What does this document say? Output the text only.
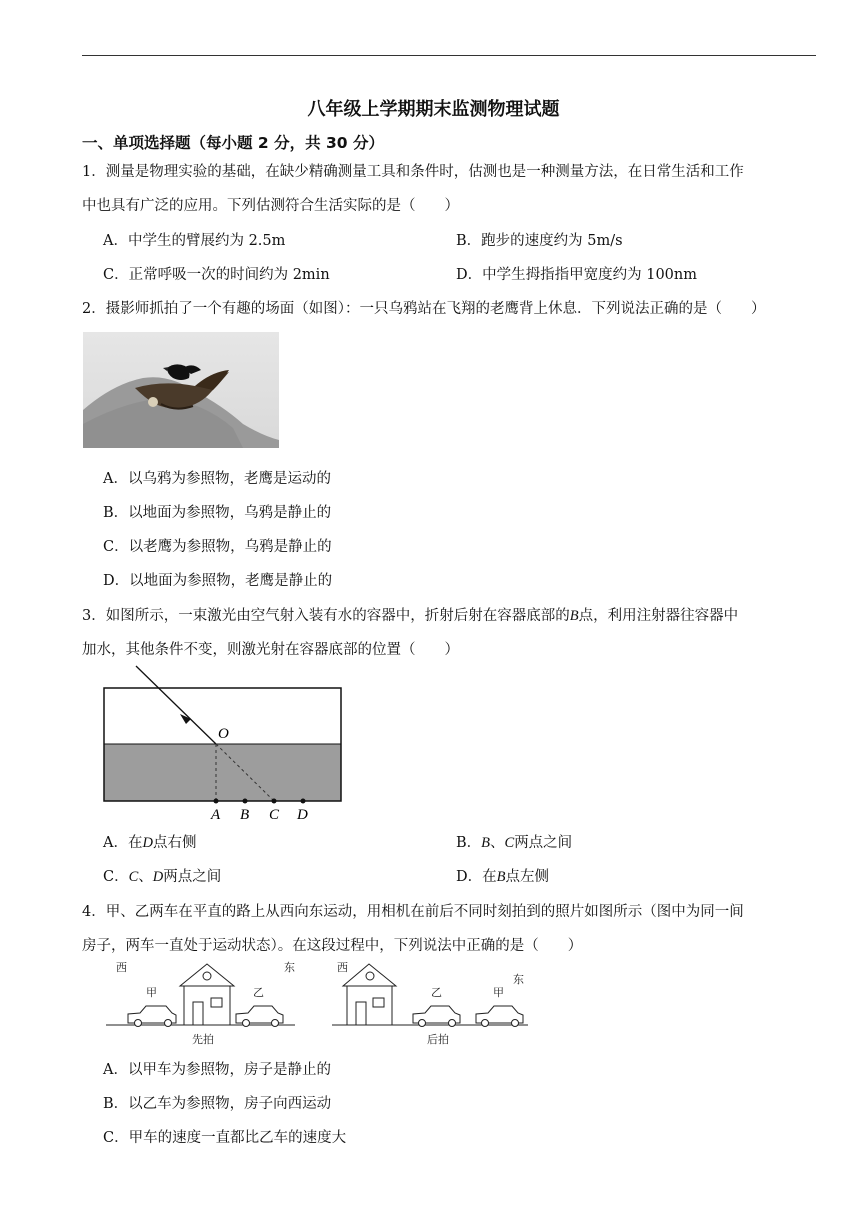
八年级上学期期末监测物理试题
一、单项选择题（每小题 2 分，共 30 分）
1．测量是物理实验的基础，在缺少精确测量工具和条件时，估测也是一种测量方法，在日常生活和工作
中也具有广泛的应用。下列估测符合生活实际的是（　　）
A．中学生的臂展约为 2.5m	B．跑步的速度约为 5m/s
C．正常呼吸一次的时间约为 2min	D．中学生拇指指甲宽度约为 100nm
2．摄影师抓拍了一个有趣的场面（如图）：一只乌鸦站在飞翔的老鹰背上休息．下列说法正确的是（　　）
A．以乌鸦为参照物，老鹰是运动的
B．以地面为参照物，乌鸦是静止的
C．以老鹰为参照物，乌鸦是静止的
D．以地面为参照物，老鹰是静止的
3．如图所示，一束激光由空气射入装有水的容器中，折射后射在容器底部的B点，利用注射器往容器中
加水，其他条件不变，则激光射在容器底部的位置（　　）
O
A B C D
A．在D点右侧	B．B、C两点之间
C．C、D两点之间	D．在B点左侧
4．甲、乙两车在平直的路上从西向东运动，用相机在前后不同时刻拍到的照片如图所示（图中为同一间
房子，两车一直处于运动状态）。在这段过程中，下列说法中正确的是（　　）
西	东
甲	乙
先拍
西
东
乙	甲
后拍
A．以甲车为参照物，房子是静止的
B．以乙车为参照物，房子向西运动
C．甲车的速度一直都比乙车的速度大
